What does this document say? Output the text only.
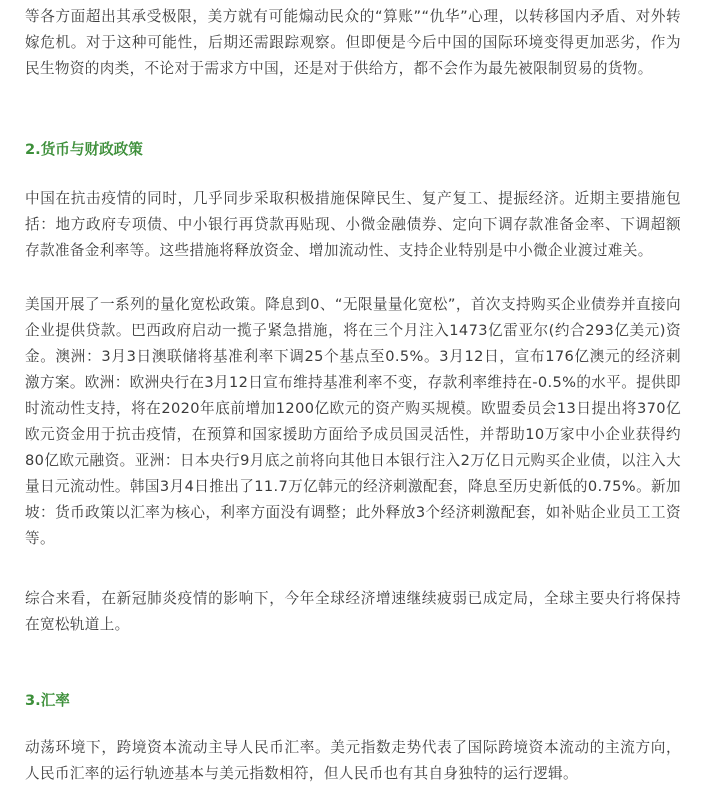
等各方面超出其承受极限，美方就有可能煽动民众的“算账”“仇华”心理，以转移国内矛盾、对外转嫁危机。对于这种可能性，后期还需跟踪观察。但即便是今后中国的国际环境变得更加恶劣，作为民生物资的肉类，不论对于需求方中国，还是对于供给方，都不会作为最先被限制贸易的货物。

2.货币与财政政策

中国在抗击疫情的同时，几乎同步采取积极措施保障民生、复产复工、提振经济。近期主要措施包括：地方政府专项债、中小银行再贷款再贴现、小微金融债券、定向下调存款准备金率、下调超额存款准备金利率等。这些措施将释放资金、增加流动性、支持企业特别是中小微企业渡过难关。

美国开展了一系列的量化宽松政策。降息到0、“无限量量化宽松”，首次支持购买企业债券并直接向企业提供贷款。巴西政府启动一揽子紧急措施，将在三个月注入1473亿雷亚尔(约合293亿美元)资金。澳洲：3月3日澳联储将基准利率下调25个基点至0.5%。3月12日，宣布176亿澳元的经济刺激方案。欧洲：欧洲央行在3月12日宣布维持基准利率不变，存款利率维持在-0.5%的水平。提供即时流动性支持，将在2020年底前增加1200亿欧元的资产购买规模。欧盟委员会13日提出将370亿欧元资金用于抗击疫情，在预算和国家援助方面给予成员国灵活性，并帮助10万家中小企业获得约80亿欧元融资。亚洲：日本央行9月底之前将向其他日本银行注入2万亿日元购买企业债，以注入大量日元流动性。韩国3月4日推出了11.7万亿韩元的经济刺激配套，降息至历史新低的0.75%。新加坡：货币政策以汇率为核心，利率方面没有调整；此外释放3个经济刺激配套，如补贴企业员工工资等。

综合来看，在新冠肺炎疫情的影响下，今年全球经济增速继续疲弱已成定局，全球主要央行将保持在宽松轨道上。

3.汇率

动荡环境下，跨境资本流动主导人民币汇率。美元指数走势代表了国际跨境资本流动的主流方向，人民币汇率的运行轨迹基本与美元指数相符，但人民币也有其自身独特的运行逻辑。
